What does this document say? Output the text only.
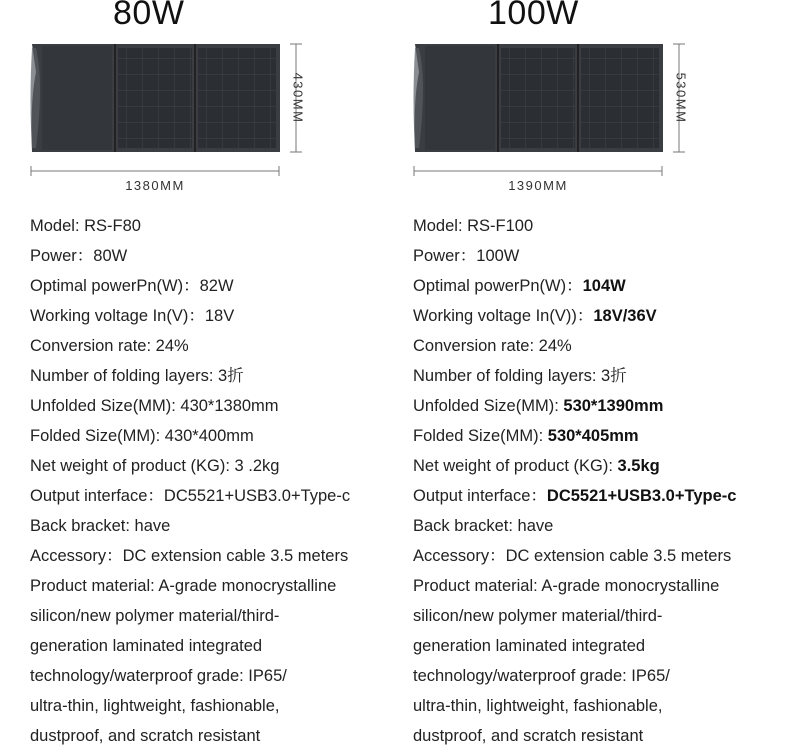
80W
430MM
1380MM
Model: RS-F80
Power：80W
Optimal powerPn(W)：82W
Working voltage In(V)：18V
Conversion rate: 24%
Number of folding layers: 3折
Unfolded Size(MM): 430*1380mm
Folded Size(MM): 430*400mm
Net weight of product (KG): 3 .2kg
Output interface：DC5521+USB3.0+Type-c
Back bracket: have
Accessory：DC extension cable 3.5 meters
Product material: A-grade monocrystalline
silicon/new polymer material/third-
generation laminated integrated
technology/waterproof grade: IP65/
ultra-thin, lightweight, fashionable,
dustproof, and scratch resistant
100W
530MM
1390MM
Model: RS-F100
Power：100W
Optimal powerPn(W)：104W
Working voltage In(V))：18V/36V
Conversion rate: 24%
Number of folding layers: 3折
Unfolded Size(MM): 530*1390mm
Folded Size(MM): 530*405mm
Net weight of product (KG): 3.5kg
Output interface：DC5521+USB3.0+Type-c
Back bracket: have
Accessory：DC extension cable 3.5 meters
Product material: A-grade monocrystalline
silicon/new polymer material/third-
generation laminated integrated
technology/waterproof grade: IP65/
ultra-thin, lightweight, fashionable,
dustproof, and scratch resistant
